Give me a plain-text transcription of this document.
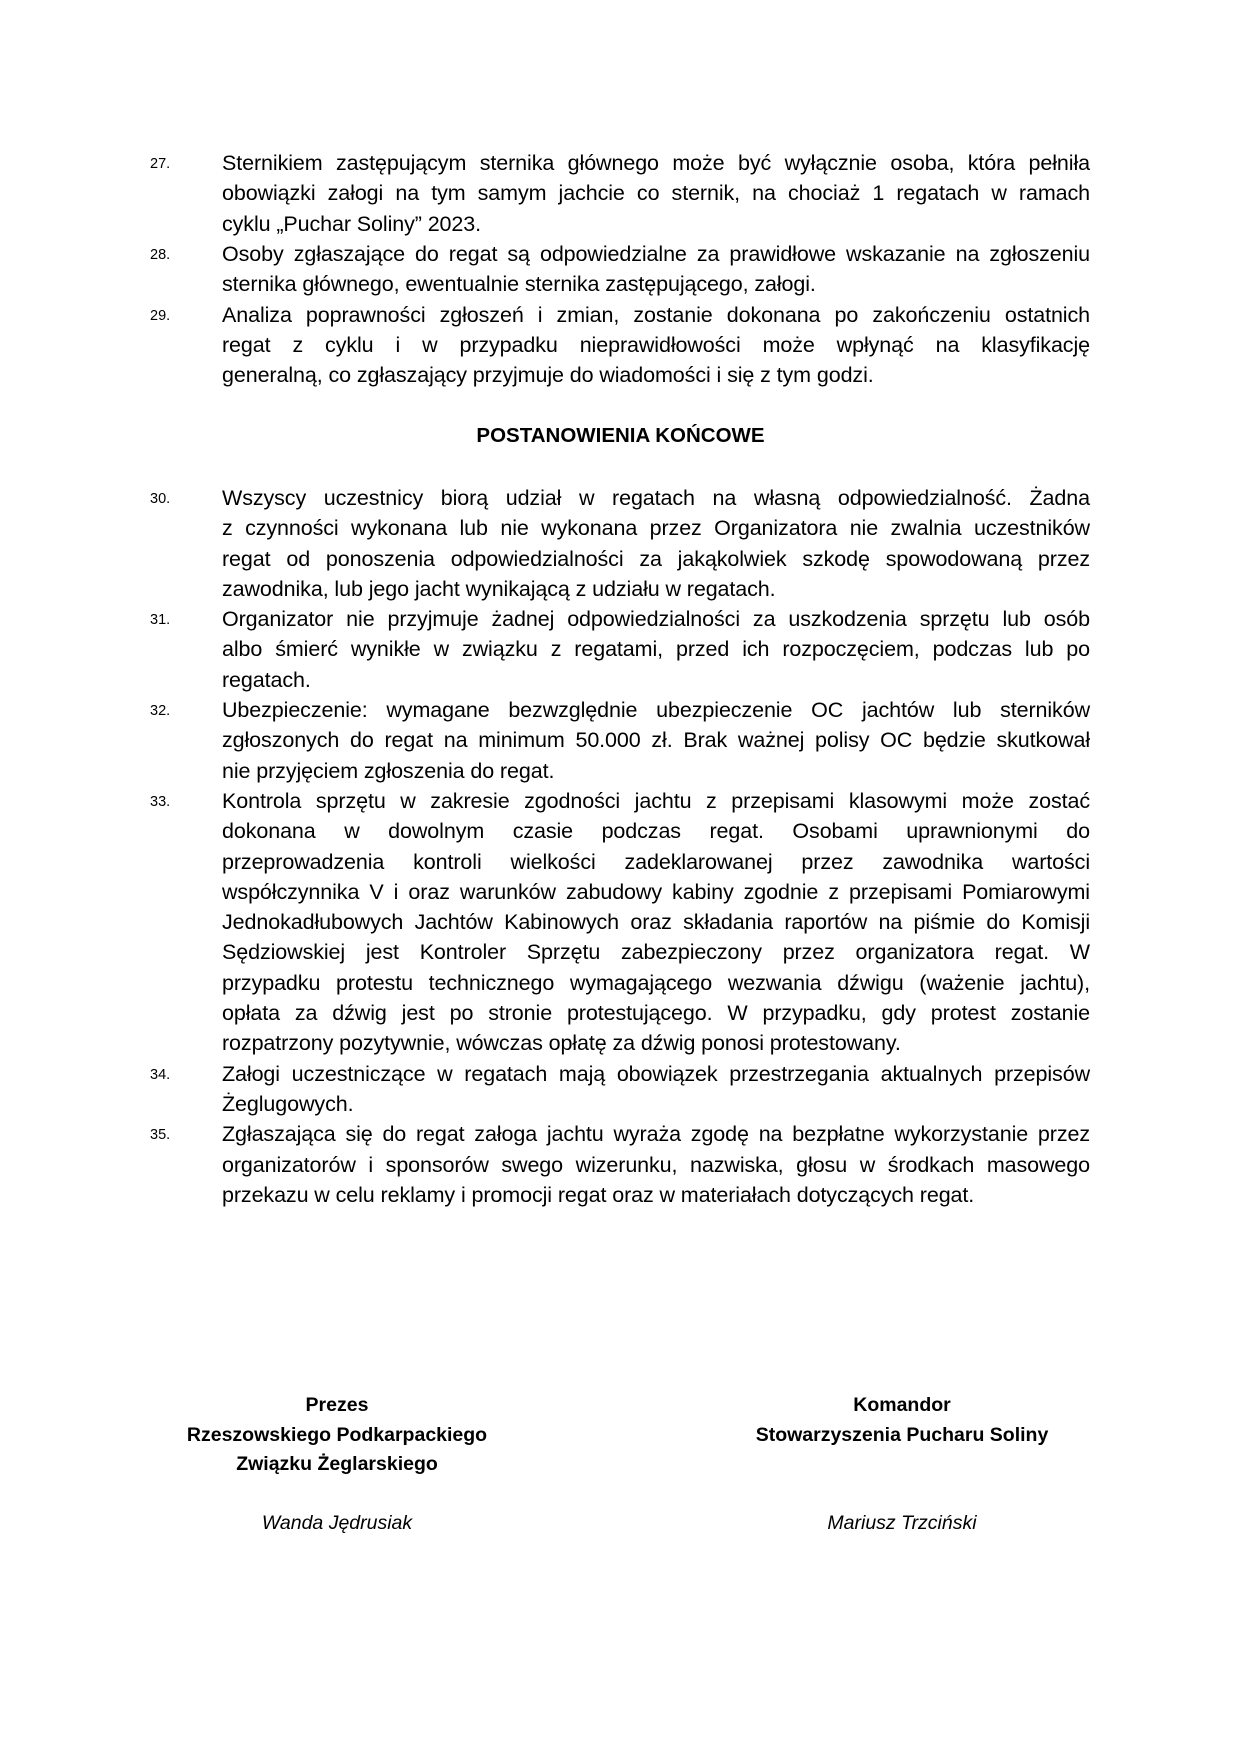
27. Sternikiem zastępującym sternika głównego może być wyłącznie osoba, która pełniła
obowiązki załogi na tym samym jachcie co sternik, na chociaż 1 regatach w ramach
cyklu „Puchar Soliny” 2023.
28. Osoby zgłaszające do regat są odpowiedzialne za prawidłowe wskazanie na zgłoszeniu
sternika głównego, ewentualnie sternika zastępującego, załogi.
29. Analiza poprawności zgłoszeń i zmian, zostanie dokonana po zakończeniu ostatnich
regat z cyklu i w przypadku nieprawidłowości może wpłynąć na klasyfikację
generalną, co zgłaszający przyjmuje do wiadomości i się z tym godzi.
POSTANOWIENIA KOŃCOWE
30. Wszyscy uczestnicy biorą udział w regatach na własną odpowiedzialność. Żadna
z czynności wykonana lub nie wykonana przez Organizatora nie zwalnia uczestników
regat od ponoszenia odpowiedzialności za jakąkolwiek szkodę spowodowaną przez
zawodnika, lub jego jacht wynikającą z udziału w regatach.
31. Organizator nie przyjmuje żadnej odpowiedzialności za uszkodzenia sprzętu lub osób
albo śmierć wynikłe w związku z regatami, przed ich rozpoczęciem, podczas lub po
regatach.
32. Ubezpieczenie: wymagane bezwzględnie ubezpieczenie OC jachtów lub sterników
zgłoszonych do regat na minimum 50.000 zł. Brak ważnej polisy OC będzie skutkował
nie przyjęciem zgłoszenia do regat.
33. Kontrola sprzętu w zakresie zgodności jachtu z przepisami klasowymi może zostać
dokonana w dowolnym czasie podczas regat. Osobami uprawnionymi do
przeprowadzenia kontroli wielkości zadeklarowanej przez zawodnika wartości
współczynnika V i oraz warunków zabudowy kabiny zgodnie z przepisami Pomiarowymi
Jednokadłubowych Jachtów Kabinowych oraz składania raportów na piśmie do Komisji
Sędziowskiej jest Kontroler Sprzętu zabezpieczony przez organizatora regat. W
przypadku protestu technicznego wymagającego wezwania dźwigu (ważenie jachtu),
opłata za dźwig jest po stronie protestującego. W przypadku, gdy protest zostanie
rozpatrzony pozytywnie, wówczas opłatę za dźwig ponosi protestowany.
34. Załogi uczestniczące w regatach mają obowiązek przestrzegania aktualnych przepisów
Żeglugowych.
35. Zgłaszająca się do regat załoga jachtu wyraża zgodę na bezpłatne wykorzystanie przez
organizatorów i sponsorów swego wizerunku, nazwiska, głosu w środkach masowego
przekazu w celu reklamy i promocji regat oraz w materiałach dotyczących regat.
Prezes
Rzeszowskiego Podkarpackiego
Związku Żeglarskiego
Wanda Jędrusiak
Komandor
Stowarzyszenia Pucharu Soliny
Mariusz Trzciński
